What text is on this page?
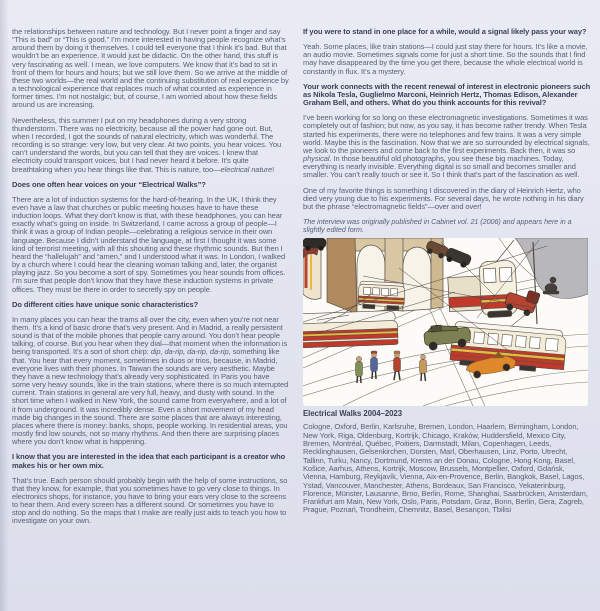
the relationships between nature and technology. But I never point a finger and say “This is bad” or “This is good.” I’m more interested in having people recognize what’s around them by doing it themselves. I could tell everyone that I think it’s bad. But that wouldn’t be an experience. It would just be didactic. On the other hand, this stuff is very fascinating as well. I mean, we love computers. We know that it’s bad to sit in front of them for hours and hours; but we still love them. So we arrive at the middle of these two worlds—the real world and the continuing substitution of real experience by a technological experience that replaces much of what counted as experience in former times. I’m not nostalgic; but, of course, I am worried about how these fields around us are increasing.

Nevertheless, this summer I put on my headphones during a very strong thunderstorm. There was no electricity, because all the power had gone out. But, when I recorded, I got the sounds of natural electricity, which was wonderful. The recording is so strange: very low, but very clear. At two points, you hear voices. You can’t understand the words, but you can tell that they are voices. I knew that electricity could transport voices, but I had never heard it before. It’s quite breathtaking when you hear things like that. This is nature, too—electrical nature!

Does one often hear voices on your “Electrical Walks”?

There are a lot of induction systems for the hard-of-hearing. In the UK, I think they even have a law that churches or public meeting houses have to have these induction loops. What they don’t know is that, with these headphones, you can hear exactly what’s going on inside. In Switzerland, I came across a group of people—I think it was a group of Indian people—celebrating a religious service in their own language. Because I didn’t understand the language, at first I thought it was some kind of terrorist meeting, with all this shouting and these rhythmic sounds. But then I heard the “hallelujah” and “amen,” and I understood what it was. In London, I walked by a church where I could hear the cleaning woman talking and, later, the organist playing jazz. So you become a sort of spy. Sometimes you hear sounds from offices. I’m sure that people don’t know that they have these induction systems in private offices. They must be there in order to secretly spy on people.

Do different cities have unique sonic characteristics?

In many places you can hear the trams all over the city, even when you’re not near them. It’s a kind of basic drone that’s very present. And in Madrid, a really persistent sound is that of the mobile phones that people carry around. You don’t hear people talking, of course. But you hear when they dial—that moment when the information is being transported. It’s a sort of short chirp: dip, da-rip, da-rip, da-rip, something like that. You hear that every moment, sometimes in duos or trios, because, in Madrid, everyone lives with their phones. In Taiwan the sounds are very aesthetic. Maybe they have a new technology that’s already very sophisticated. In Paris you have some very heavy sounds, like in the train stations, where there is so much interrupted current. Train stations in general are very full, heavy, and dusty with sound. In the short time when I walked in New York, the sound came from everywhere, and a lot of it from underground. It was incredibly dense. Even a short movement of my head made big changes in the sound. There are some places that are always interesting, places where there is money: banks, shops, people working. In residential areas, you mostly find low sounds, not so many rhythms. And then there are surprising places where you don’t know what is happening.

I know that you are interested in the idea that each participant is a creator who makes his or her own mix.

That’s true. Each person should probably begin with the help of some instructions, so that they know, for example, that you sometimes have to go very close to things. In electronics shops, for instance, you have to bring your ears very close to the screens to hear them. And every screen has a different sound. Or sometimes you have to stop and do nothing. So the maps that I make are really just aids to teach you how to investigate on your own.

If you were to stand in one place for a while, would a signal likely pass your way?

Yeah. Some places, like train stations—I could just stay there for hours. It’s like a movie, an audio movie. Sometimes signals come for just a short time. So the sounds that I find may have disappeared by the time you get there, because the whole electrical world is constantly in flux. It’s a mystery.

Your work connects with the recent renewal of interest in electronic pioneers such as Nikola Tesla, Guglielmo Marconi, Heinrich Hertz, Thomas Edison, Alexander Graham Bell, and others. What do you think accounts for this revival?

I’ve been working for so long on these electromagnetic investigations. Sometimes it was completely out of fashion; but now, as you say, it has become rather trendy. When Tesla started his experiments, there were no telephones and few trains. It was a very simple world. Maybe this is the fascination. Now that we are so surrounded by electrical signals, we look to the pioneers and come back to the first experiments. Back then, it was so physical. In those beautiful old photographs, you see these big machines. Today, everything is nearly invisible. Everything digital is so small and becomes smaller and smaller. You can’t really touch or see it. So I think that’s part of the fascination as well.

One of my favorite things is something I discovered in the diary of Heinrich Hertz, who died very young due to his experiments. For several days, he wrote nothing in his diary but the phrase “electromagnetic fields”—over and over!

The interview was originally published in Cabinet vol. 21 (2006) and appears here in a slightly edited form.

Electrical Walks 2004–2023

Cologne, Oxford, Berlin, Karlsruhe, Bremen, London, Haarlem, Birmingham, London, New York, Riga, Oldenburg, Kortrijk, Chicago, Kraków, Huddersfield, Mexico City, Bremen, Montréal, Québec, Poitiers, Darmstadt, Milan, Copenhagen, Leeds, Recklinghausen, Gelsenkirchen, Dorsten, Marl, Oberhausen, Linz, Porto, Utrecht, Tallinn, Turku, Nancy, Dortmund, Krems an der Donau, Cologne, Hong Kong, Basel, Košice, Aarhus, Athens, Kortrijk, Moscow, Brussels, Montpellier, Oxford, Gdańsk, Vienna, Hamburg, Reykjavík, Vienna, Aix-en-Provence, Berlin, Bangkok, Basel, Lagos, Ystad, Vancouver, Manchester, Athens, Bordeaux, San Francisco, Yekaterinburg, Florence, Münster, Lausanne, Brno, Berlin, Rome, Shanghai, Saarbrücken, Amsterdam, Frankfurt am Main, New York, Oslo, Paris, Potsdam, Graz, Bonn, Berlin, Gera, Zagreb, Prague, Poznań, Trondheim, Chemnitz, Basel, Besançon, Tbilisi
